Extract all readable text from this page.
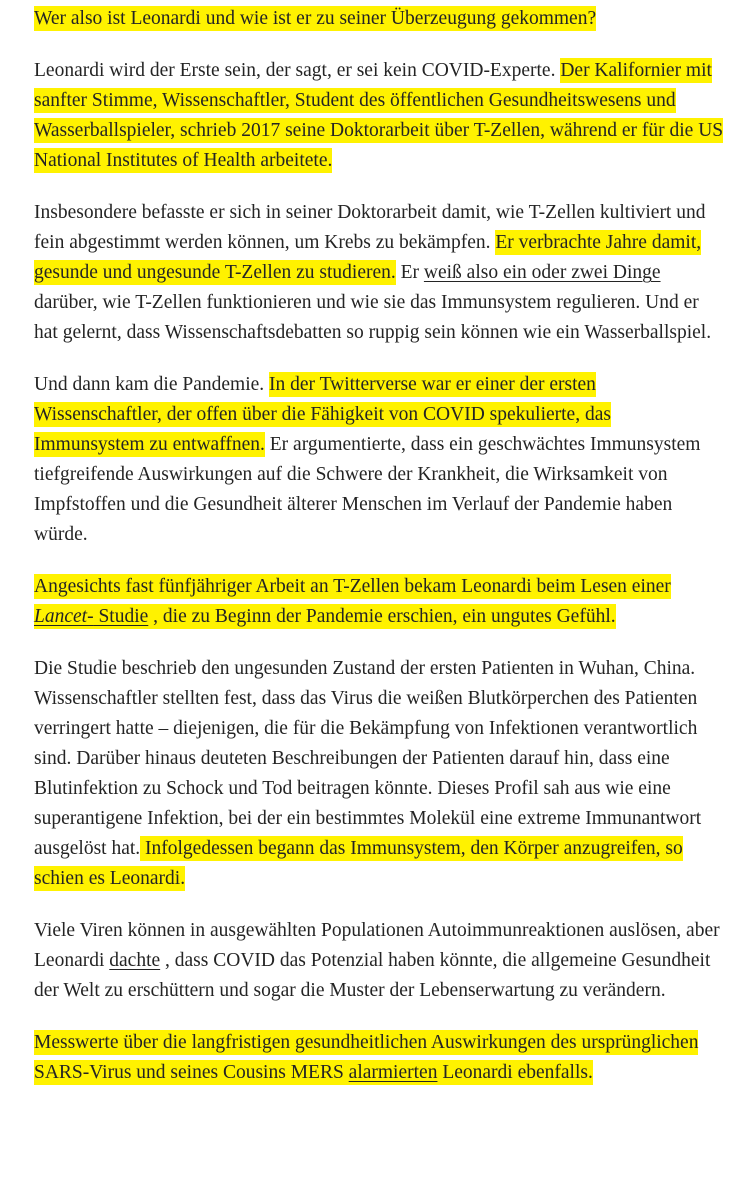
Wer also ist Leonardi und wie ist er zu seiner Überzeugung gekommen?

Leonardi wird der Erste sein, der sagt, er sei kein COVID-Experte. Der Kalifornier mit sanfter Stimme, Wissenschaftler, Student des öffentlichen Gesundheitswesens und Wasserballspieler, schrieb 2017 seine Doktorarbeit über T-Zellen, während er für die US National Institutes of Health arbeitete.

Insbesondere befasste er sich in seiner Doktorarbeit damit, wie T-Zellen kultiviert und fein abgestimmt werden können, um Krebs zu bekämpfen. Er verbrachte Jahre damit, gesunde und ungesunde T-Zellen zu studieren. Er weiß also ein oder zwei Dinge darüber, wie T-Zellen funktionieren und wie sie das Immunsystem regulieren. Und er hat gelernt, dass Wissenschaftsdebatten so ruppig sein können wie ein Wasserballspiel.

Und dann kam die Pandemie. In der Twitterverse war er einer der ersten Wissenschaftler, der offen über die Fähigkeit von COVID spekulierte, das Immunsystem zu entwaffnen. Er argumentierte, dass ein geschwächtes Immunsystem tiefgreifende Auswirkungen auf die Schwere der Krankheit, die Wirksamkeit von Impfstoffen und die Gesundheit älterer Menschen im Verlauf der Pandemie haben würde.

Angesichts fast fünfjähriger Arbeit an T-Zellen bekam Leonardi beim Lesen einer Lancet- Studie , die zu Beginn der Pandemie erschien, ein ungutes Gefühl.

Die Studie beschrieb den ungesunden Zustand der ersten Patienten in Wuhan, China. Wissenschaftler stellten fest, dass das Virus die weißen Blutkörperchen des Patienten verringert hatte – diejenigen, die für die Bekämpfung von Infektionen verantwortlich sind. Darüber hinaus deuteten Beschreibungen der Patienten darauf hin, dass eine Blutinfektion zu Schock und Tod beitragen könnte. Dieses Profil sah aus wie eine superantigene Infektion, bei der ein bestimmtes Molekül eine extreme Immunantwort ausgelöst hat. Infolgedessen begann das Immunsystem, den Körper anzugreifen, so schien es Leonardi.

Viele Viren können in ausgewählten Populationen Autoimmunreaktionen auslösen, aber Leonardi dachte , dass COVID das Potenzial haben könnte, die allgemeine Gesundheit der Welt zu erschüttern und sogar die Muster der Lebenserwartung zu verändern.

Messwerte über die langfristigen gesundheitlichen Auswirkungen des ursprünglichen SARS-Virus und seines Cousins MERS alarmierten Leonardi ebenfalls.
